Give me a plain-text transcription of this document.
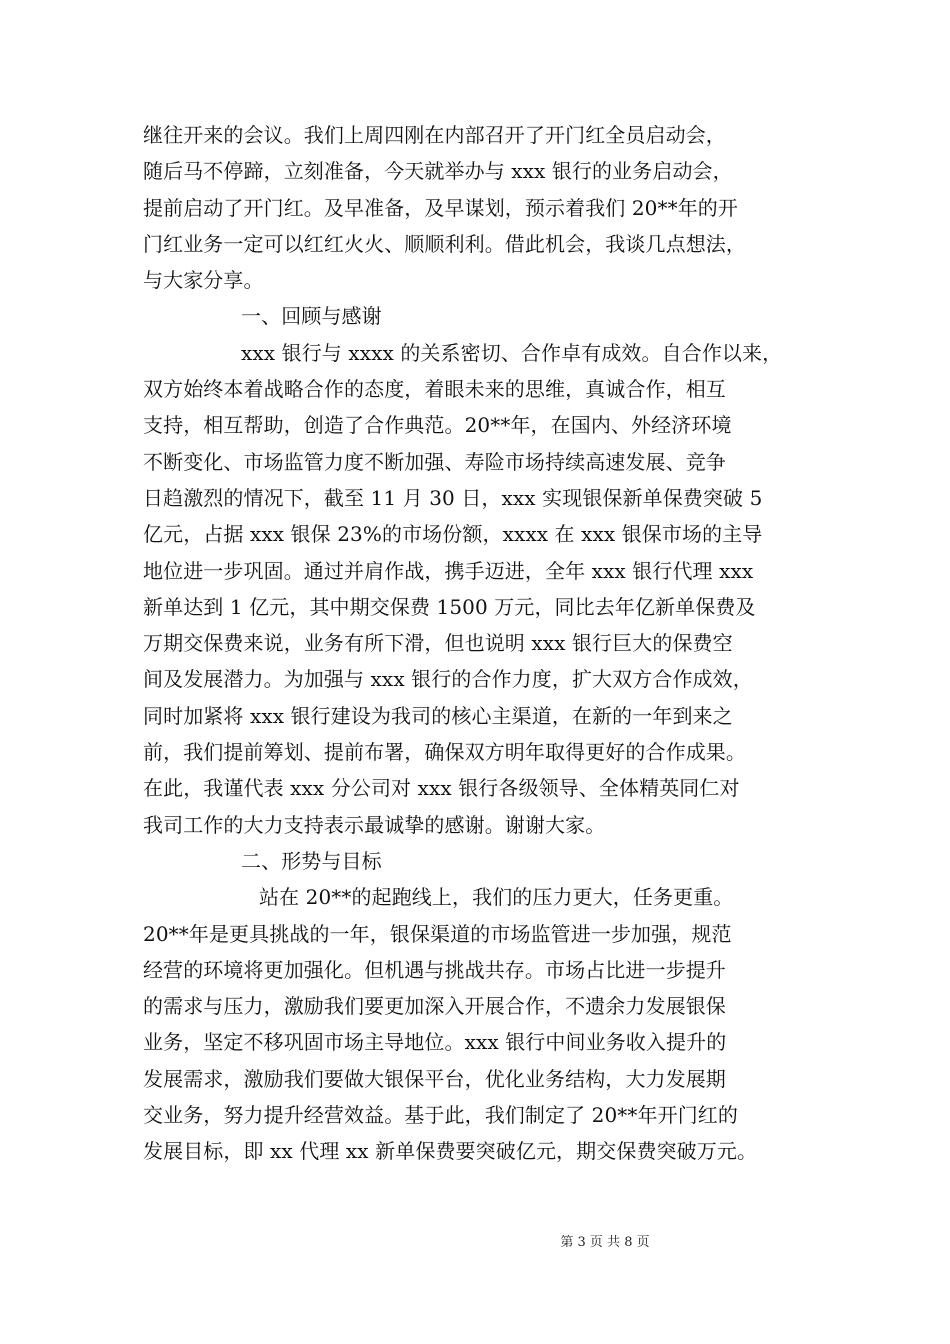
继往开来的会议。我们上周四刚在内部召开了开门红全员启动会，
随后马不停蹄，立刻准备，今天就举办与 xxx 银行的业务启动会，
提前启动了开门红。及早准备，及早谋划，预示着我们 20**年的开
门红业务一定可以红红火火、顺顺利利。借此机会，我谈几点想法，
与大家分享。
一、回顾与感谢
xxx 银行与 xxxx 的关系密切、合作卓有成效。自合作以来，
双方始终本着战略合作的态度，着眼未来的思维，真诚合作，相互
支持，相互帮助，创造了合作典范。20**年，在国内、外经济环境
不断变化、市场监管力度不断加强、寿险市场持续高速发展、竞争
日趋激烈的情况下，截至 11 月 30 日，xxx 实现银保新单保费突破 5
亿元，占据 xxx 银保 23%的市场份额，xxxx 在 xxx 银保市场的主导
地位进一步巩固。通过并肩作战，携手迈进，全年 xxx 银行代理 xxx
新单达到 1 亿元，其中期交保费 1500 万元，同比去年亿新单保费及
万期交保费来说，业务有所下滑，但也说明 xxx 银行巨大的保费空
间及发展潜力。为加强与 xxx 银行的合作力度，扩大双方合作成效，
同时加紧将 xxx 银行建设为我司的核心主渠道，在新的一年到来之
前，我们提前筹划、提前布署，确保双方明年取得更好的合作成果。
在此，我谨代表 xxx 分公司对 xxx 银行各级领导、全体精英同仁对
我司工作的大力支持表示最诚挚的感谢。谢谢大家。
二、形势与目标
站在 20**的起跑线上，我们的压力更大，任务更重。
20**年是更具挑战的一年，银保渠道的市场监管进一步加强，规范
经营的环境将更加强化。但机遇与挑战共存。市场占比进一步提升
的需求与压力，激励我们要更加深入开展合作，不遗余力发展银保
业务，坚定不移巩固市场主导地位。xxx 银行中间业务收入提升的
发展需求，激励我们要做大银保平台，优化业务结构，大力发展期
交业务，努力提升经营效益。基于此，我们制定了 20**年开门红的
发展目标，即 xx 代理 xx 新单保费要突破亿元，期交保费突破万元。
第 3 页 共 8 页
